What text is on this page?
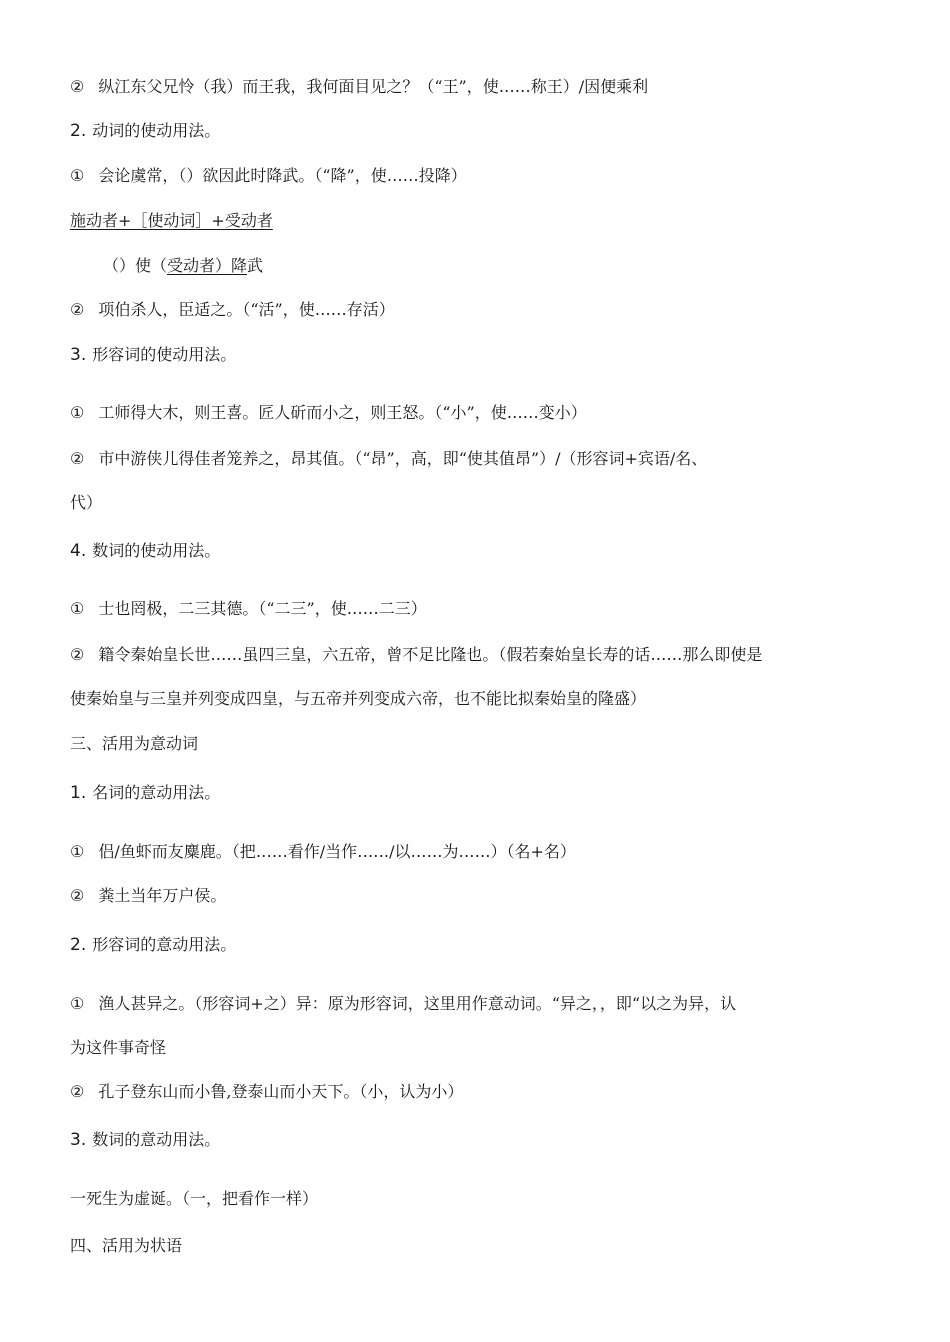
② 纵江东父兄怜（我）而王我，我何面目见之？（“王”，使……称王）/因便乘利
2. 动词的使动用法。
① 会论虞常，（）欲因此时降武。（“降”，使……投降）
施动者+［使动词］+受动者
（）使（受动者）降武
② 项伯杀人，臣适之。（“活”，使……存活）
3. 形容词的使动用法。
① 工师得大木，则王喜。匠人斫而小之，则王怒。（“小”，使……变小）
② 市中游侠儿得佳者笼养之，昂其值。（“昂”，高，即“使其值昂”）/（形容词+宾语/名、
代）
4. 数词的使动用法。
① 士也罔极，二三其德。（“二三”，使……二三）
② 籍令秦始皇长世……虽四三皇，六五帝，曾不足比隆也。（假若秦始皇长寿的话……那么即使是
使秦始皇与三皇并列变成四皇，与五帝并列变成六帝，也不能比拟秦始皇的隆盛）
三、活用为意动词
1. 名词的意动用法。
① 侣/鱼虾而友麋鹿。（把……看作/当作……/以……为……）（名+名）
② 粪土当年万户侯。
2. 形容词的意动用法。
① 渔人甚异之。（形容词+之）异：原为形容词，这里用作意动词。“异之，，即“以之为异，认
为这件事奇怪
② 孔子登东山而小鲁,登泰山而小天下。（小，认为小）
3. 数词的意动用法。
一死生为虚诞。（一，把看作一样）
四、活用为状语
